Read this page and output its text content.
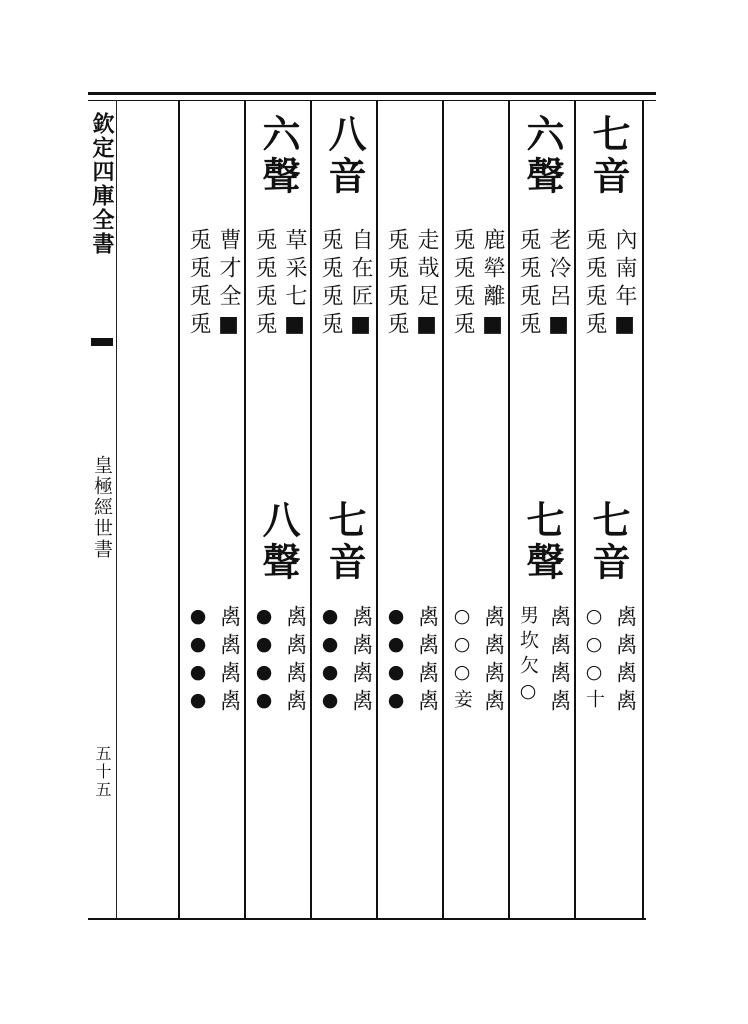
欽定四庫全書
皇極經世書
五十五
七音
內南年■
兎兎兎兎
七音
禼禼禼禼
○○○十
六聲
老冷呂■
兎兎兎兎
七聲
禼禼禼禼
男坎欠○
鹿犖離■
兎兎兎兎
禼禼禼禼
○○○妾
走哉足■
兎兎兎兎
禼禼禼禼
●●●●
八音
自在匠■
兎兎兎兎
七音
禼禼禼禼
●●●●
六聲
草采七■
兎兎兎兎
八聲
禼禼禼禼
●●●●
曹才全■
兎兎兎兎
禼禼禼禼
●●●●
